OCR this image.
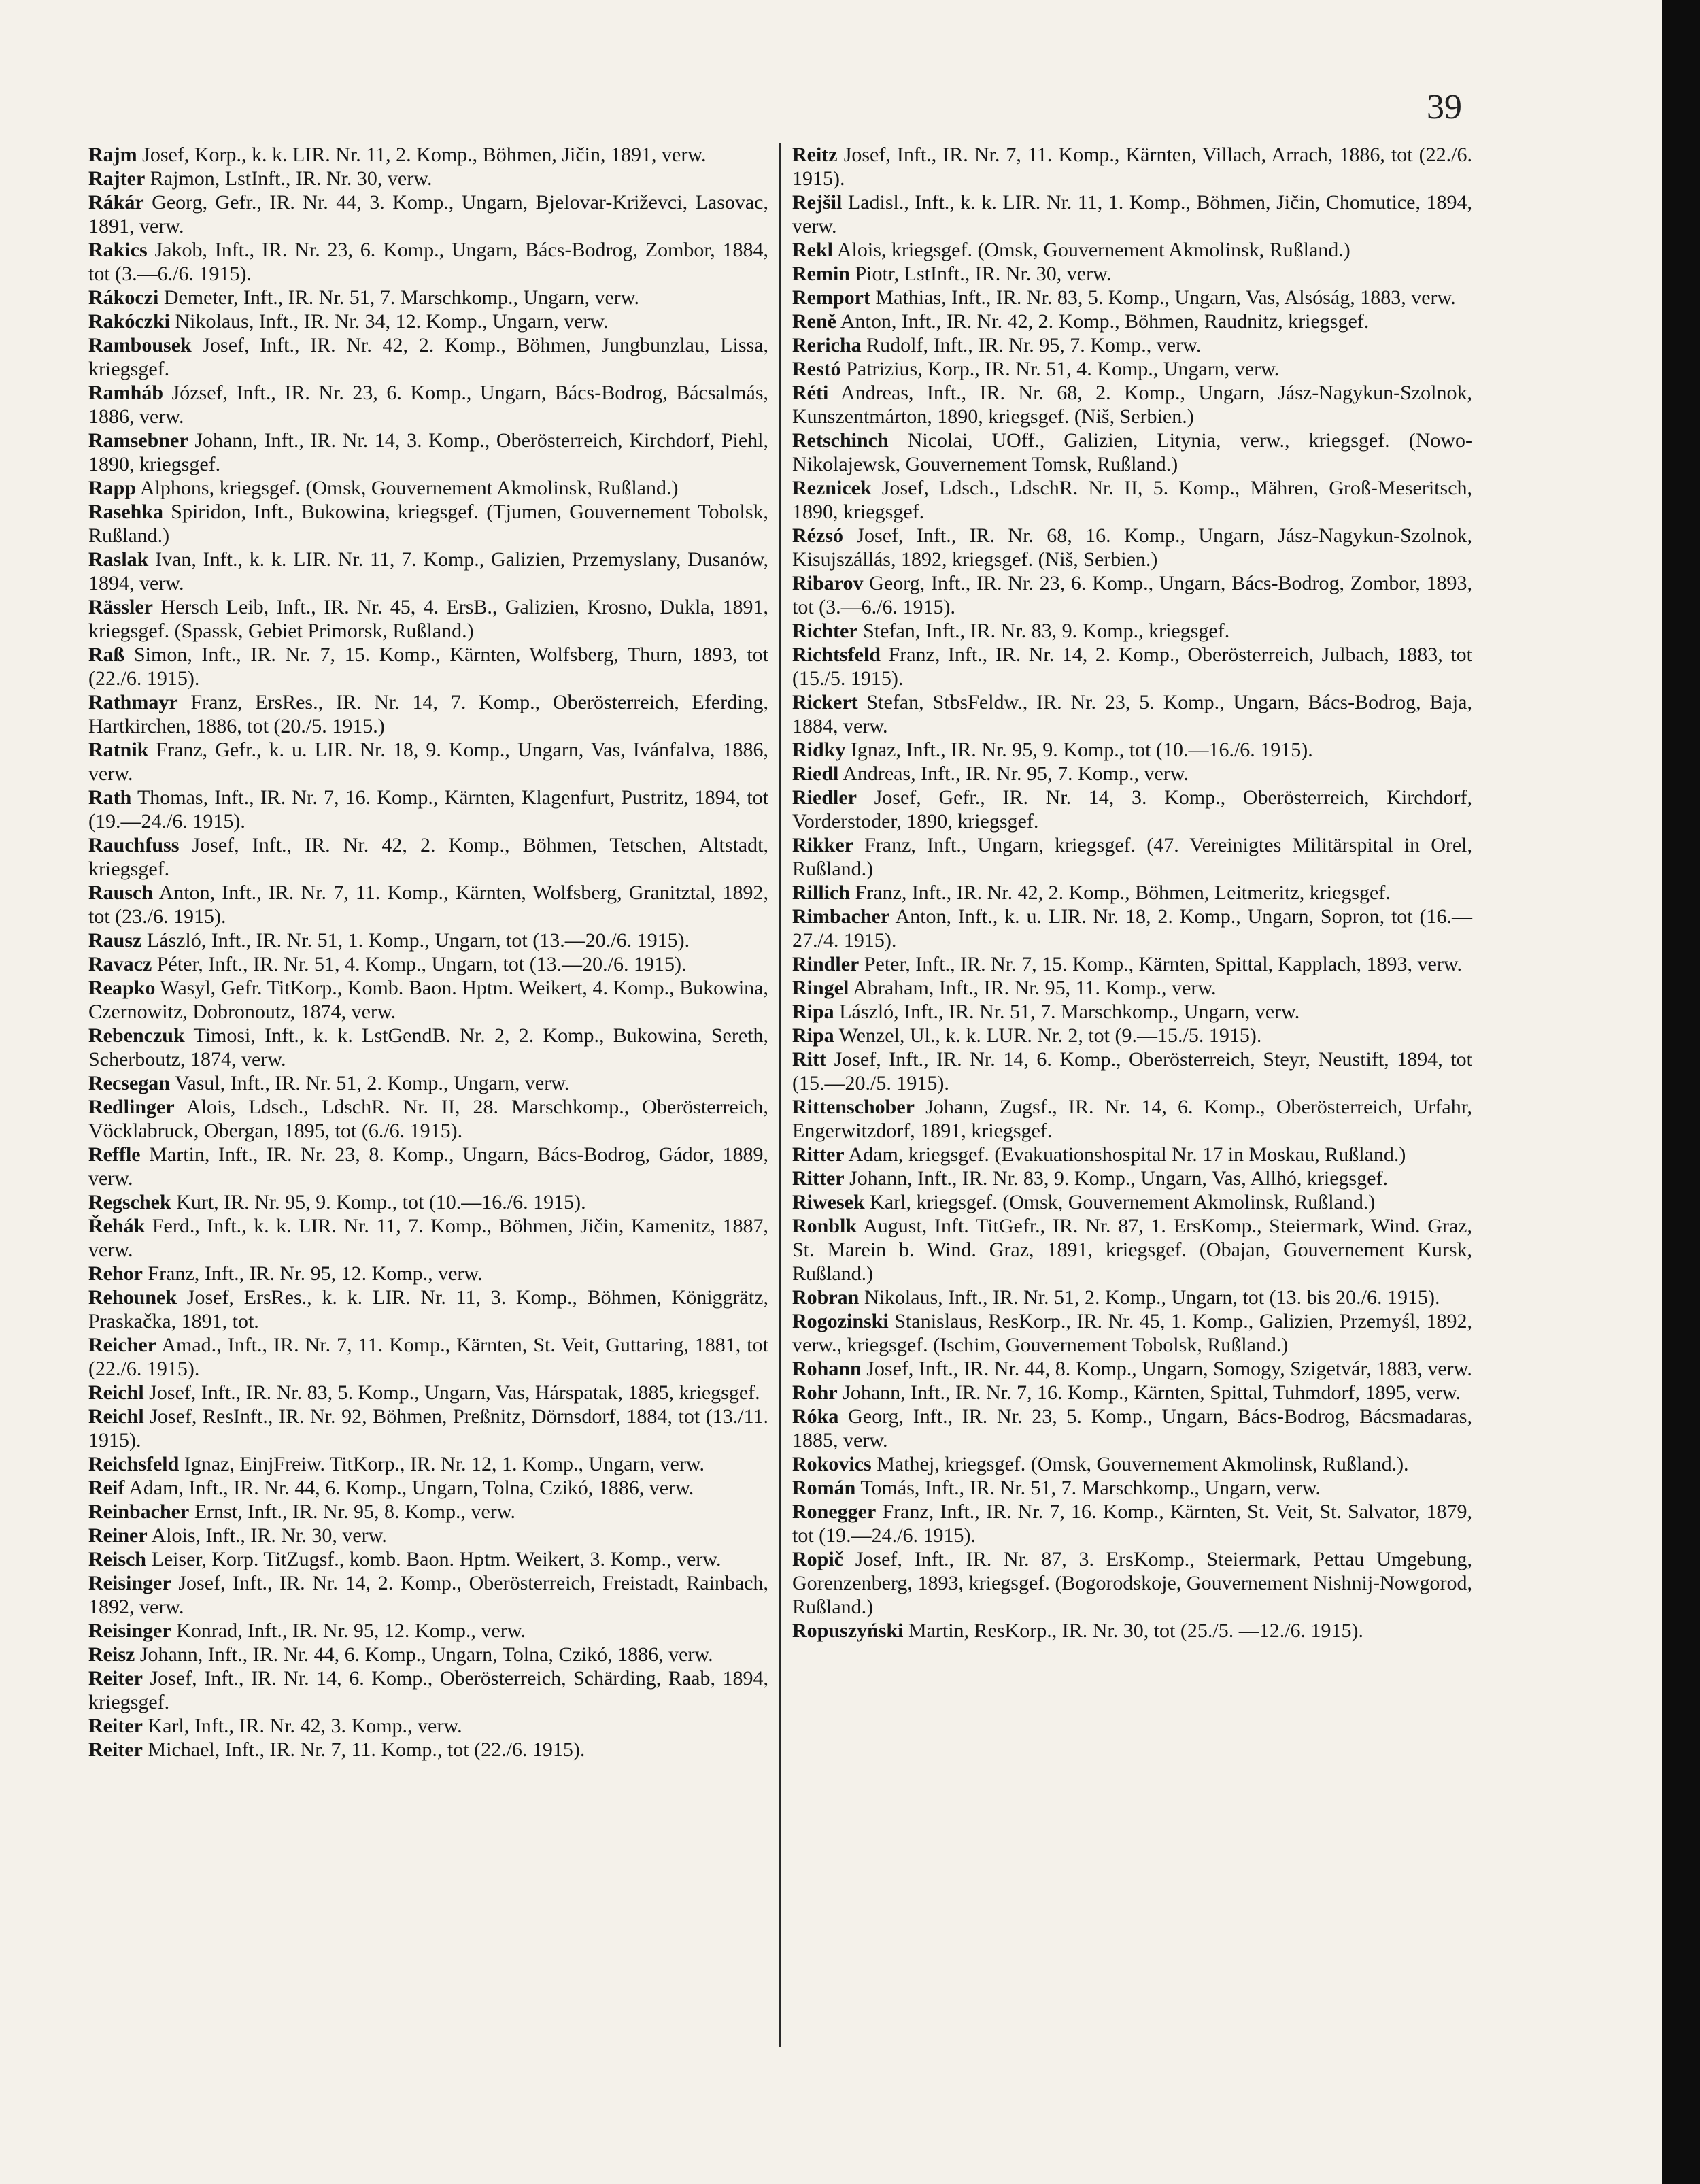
39

Rajm Josef, Korp., k. k. LIR. Nr. 11, 2. Komp., Böhmen, Jičin, 1891, verw.

Rajter Rajmon, LstInft., IR. Nr. 30, verw.

Rákár Georg, Gefr., IR. Nr. 44, 3. Komp., Ungarn, Bjelovar-Križevci, Lasovac, 1891, verw.

Rakics Jakob, Inft., IR. Nr. 23, 6. Komp., Ungarn, Bács-Bodrog, Zombor, 1884, tot (3.—6./6. 1915).

Rákoczi Demeter, Inft., IR. Nr. 51, 7. Marschkomp., Ungarn, verw.

Rakóczki Nikolaus, Inft., IR. Nr. 34, 12. Komp., Ungarn, verw.

Rambousek Josef, Inft., IR. Nr. 42, 2. Komp., Böhmen, Jungbunzlau, Lissa, kriegsgef.

Ramháb József, Inft., IR. Nr. 23, 6. Komp., Ungarn, Bács-Bodrog, Bácsalmás, 1886, verw.

Ramsebner Johann, Inft., IR. Nr. 14, 3. Komp., Oberösterreich, Kirchdorf, Piehl, 1890, kriegsgef.

Rapp Alphons, kriegsgef. (Omsk, Gouvernement Akmolinsk, Rußland.)

Rasehka Spiridon, Inft., Bukowina, kriegsgef. (Tjumen, Gouvernement Tobolsk, Rußland.)

Raslak Ivan, Inft., k. k. LIR. Nr. 11, 7. Komp., Galizien, Przemyslany, Dusanów, 1894, verw.

Rässler Hersch Leib, Inft., IR. Nr. 45, 4. ErsB., Galizien, Krosno, Dukla, 1891, kriegsgef. (Spassk, Gebiet Primorsk, Rußland.)

Raß Simon, Inft., IR. Nr. 7, 15. Komp., Kärnten, Wolfsberg, Thurn, 1893, tot (22./6. 1915).

Rathmayr Franz, ErsRes., IR. Nr. 14, 7. Komp., Oberösterreich, Eferding, Hartkirchen, 1886, tot (20./5. 1915.)

Ratnik Franz, Gefr., k. u. LIR. Nr. 18, 9. Komp., Ungarn, Vas, Ivánfalva, 1886, verw.

Rath Thomas, Inft., IR. Nr. 7, 16. Komp., Kärnten, Klagenfurt, Pustritz, 1894, tot (19.—24./6. 1915).

Rauchfuss Josef, Inft., IR. Nr. 42, 2. Komp., Böhmen, Tetschen, Altstadt, kriegsgef.

Rausch Anton, Inft., IR. Nr. 7, 11. Komp., Kärnten, Wolfsberg, Granitztal, 1892, tot (23./6. 1915).

Rausz László, Inft., IR. Nr. 51, 1. Komp., Ungarn, tot (13.—20./6. 1915).

Ravacz Péter, Inft., IR. Nr. 51, 4. Komp., Ungarn, tot (13.—20./6. 1915).

Reapko Wasyl, Gefr. TitKorp., Komb. Baon. Hptm. Weikert, 4. Komp., Bukowina, Czernowitz, Dobronoutz, 1874, verw.

Rebenczuk Timosi, Inft., k. k. LstGendB. Nr. 2, 2. Komp., Bukowina, Sereth, Scherboutz, 1874, verw.

Recsegan Vasul, Inft., IR. Nr. 51, 2. Komp., Ungarn, verw.

Redlinger Alois, Ldsch., LdschR. Nr. II, 28. Marschkomp., Oberösterreich, Vöcklabruck, Obergan, 1895, tot (6./6. 1915).

Reffle Martin, Inft., IR. Nr. 23, 8. Komp., Ungarn, Bács-Bodrog, Gádor, 1889, verw.

Regschek Kurt, IR. Nr. 95, 9. Komp., tot (10.—16./6. 1915).

Řehák Ferd., Inft., k. k. LIR. Nr. 11, 7. Komp., Böhmen, Jičin, Kamenitz, 1887, verw.

Rehor Franz, Inft., IR. Nr. 95, 12. Komp., verw.

Rehounek Josef, ErsRes., k. k. LIR. Nr. 11, 3. Komp., Böhmen, Königgrätz, Praskačka, 1891, tot.

Reicher Amad., Inft., IR. Nr. 7, 11. Komp., Kärnten, St. Veit, Guttaring, 1881, tot (22./6. 1915).

Reichl Josef, Inft., IR. Nr. 83, 5. Komp., Ungarn, Vas, Hárspatak, 1885, kriegsgef.

Reichl Josef, ResInft., IR. Nr. 92, Böhmen, Preßnitz, Dörnsdorf, 1884, tot (13./11. 1915).

Reichsfeld Ignaz, EinjFreiw. TitKorp., IR. Nr. 12, 1. Komp., Ungarn, verw.

Reif Adam, Inft., IR. Nr. 44, 6. Komp., Ungarn, Tolna, Czikó, 1886, verw.

Reinbacher Ernst, Inft., IR. Nr. 95, 8. Komp., verw.

Reiner Alois, Inft., IR. Nr. 30, verw.

Reisch Leiser, Korp. TitZugsf., komb. Baon. Hptm. Weikert, 3. Komp., verw.

Reisinger Josef, Inft., IR. Nr. 14, 2. Komp., Oberösterreich, Freistadt, Rainbach, 1892, verw.

Reisinger Konrad, Inft., IR. Nr. 95, 12. Komp., verw.

Reisz Johann, Inft., IR. Nr. 44, 6. Komp., Ungarn, Tolna, Czikó, 1886, verw.

Reiter Josef, Inft., IR. Nr. 14, 6. Komp., Oberösterreich, Schärding, Raab, 1894, kriegsgef.

Reiter Karl, Inft., IR. Nr. 42, 3. Komp., verw.

Reiter Michael, Inft., IR. Nr. 7, 11. Komp., tot (22./6. 1915).

Reitz Josef, Inft., IR. Nr. 7, 11. Komp., Kärnten, Villach, Arrach, 1886, tot (22./6. 1915).

Rejšil Ladisl., Inft., k. k. LIR. Nr. 11, 1. Komp., Böhmen, Jičin, Chomutice, 1894, verw.

Rekl Alois, kriegsgef. (Omsk, Gouvernement Akmolinsk, Rußland.)

Remin Piotr, LstInft., IR. Nr. 30, verw.

Remport Mathias, Inft., IR. Nr. 83, 5. Komp., Ungarn, Vas, Alsóság, 1883, verw.

Reně Anton, Inft., IR. Nr. 42, 2. Komp., Böhmen, Raudnitz, kriegsgef.

Rericha Rudolf, Inft., IR. Nr. 95, 7. Komp., verw.

Restó Patrizius, Korp., IR. Nr. 51, 4. Komp., Ungarn, verw.

Réti Andreas, Inft., IR. Nr. 68, 2. Komp., Ungarn, Jász-Nagykun-Szolnok, Kunszentmárton, 1890, kriegsgef. (Niš, Serbien.)

Retschinch Nicolai, UOff., Galizien, Litynia, verw., kriegsgef. (Nowo-Nikolajewsk, Gouvernement Tomsk, Rußland.)

Reznicek Josef, Ldsch., LdschR. Nr. II, 5. Komp., Mähren, Groß-Meseritsch, 1890, kriegsgef.

Rézsó Josef, Inft., IR. Nr. 68, 16. Komp., Ungarn, Jász-Nagykun-Szolnok, Kisujszállás, 1892, kriegsgef. (Niš, Serbien.)

Ribarov Georg, Inft., IR. Nr. 23, 6. Komp., Ungarn, Bács-Bodrog, Zombor, 1893, tot (3.—6./6. 1915).

Richter Stefan, Inft., IR. Nr. 83, 9. Komp., kriegsgef.

Richtsfeld Franz, Inft., IR. Nr. 14, 2. Komp., Oberösterreich, Julbach, 1883, tot (15./5. 1915).

Rickert Stefan, StbsFeldw., IR. Nr. 23, 5. Komp., Ungarn, Bács-Bodrog, Baja, 1884, verw.

Ridky Ignaz, Inft., IR. Nr. 95, 9. Komp., tot (10.—16./6. 1915).

Riedl Andreas, Inft., IR. Nr. 95, 7. Komp., verw.

Riedler Josef, Gefr., IR. Nr. 14, 3. Komp., Oberösterreich, Kirchdorf, Vorderstoder, 1890, kriegsgef.

Rikker Franz, Inft., Ungarn, kriegsgef. (47. Vereinigtes Militärspital in Orel, Rußland.)

Rillich Franz, Inft., IR. Nr. 42, 2. Komp., Böhmen, Leitmeritz, kriegsgef.

Rimbacher Anton, Inft., k. u. LIR. Nr. 18, 2. Komp., Ungarn, Sopron, tot (16.—27./4. 1915).

Rindler Peter, Inft., IR. Nr. 7, 15. Komp., Kärnten, Spittal, Kapplach, 1893, verw.

Ringel Abraham, Inft., IR. Nr. 95, 11. Komp., verw.

Ripa László, Inft., IR. Nr. 51, 7. Marschkomp., Ungarn, verw.

Ripa Wenzel, Ul., k. k. LUR. Nr. 2, tot (9.—15./5. 1915).

Ritt Josef, Inft., IR. Nr. 14, 6. Komp., Oberösterreich, Steyr, Neustift, 1894, tot (15.—20./5. 1915).

Rittenschober Johann, Zugsf., IR. Nr. 14, 6. Komp., Oberösterreich, Urfahr, Engerwitzdorf, 1891, kriegsgef.

Ritter Adam, kriegsgef. (Evakuationshospital Nr. 17 in Moskau, Rußland.)

Ritter Johann, Inft., IR. Nr. 83, 9. Komp., Ungarn, Vas, Allhó, kriegsgef.

Riwesek Karl, kriegsgef. (Omsk, Gouvernement Akmolinsk, Rußland.)

Ronblk August, Inft. TitGefr., IR. Nr. 87, 1. ErsKomp., Steiermark, Wind. Graz, St. Marein b. Wind. Graz, 1891, kriegsgef. (Obajan, Gouvernement Kursk, Rußland.)

Robran Nikolaus, Inft., IR. Nr. 51, 2. Komp., Ungarn, tot (13. bis 20./6. 1915).

Rogozinski Stanislaus, ResKorp., IR. Nr. 45, 1. Komp., Galizien, Przemyśl, 1892, verw., kriegsgef. (Ischim, Gouvernement Tobolsk, Rußland.)

Rohann Josef, Inft., IR. Nr. 44, 8. Komp., Ungarn, Somogy, Szigetvár, 1883, verw.

Rohr Johann, Inft., IR. Nr. 7, 16. Komp., Kärnten, Spittal, Tuhmdorf, 1895, verw.

Róka Georg, Inft., IR. Nr. 23, 5. Komp., Ungarn, Bács-Bodrog, Bácsmadaras, 1885, verw.

Rokovics Mathej, kriegsgef. (Omsk, Gouvernement Akmolinsk, Rußland.).

Román Tomás, Inft., IR. Nr. 51, 7. Marschkomp., Ungarn, verw.

Ronegger Franz, Inft., IR. Nr. 7, 16. Komp., Kärnten, St. Veit, St. Salvator, 1879, tot (19.—24./6. 1915).

Ropič Josef, Inft., IR. Nr. 87, 3. ErsKomp., Steiermark, Pettau Umgebung, Gorenzenberg, 1893, kriegsgef. (Bogorodskoje, Gouvernement Nishnij-Nowgorod, Rußland.)

Ropuszyński Martin, ResKorp., IR. Nr. 30, tot (25./5. —12./6. 1915).
